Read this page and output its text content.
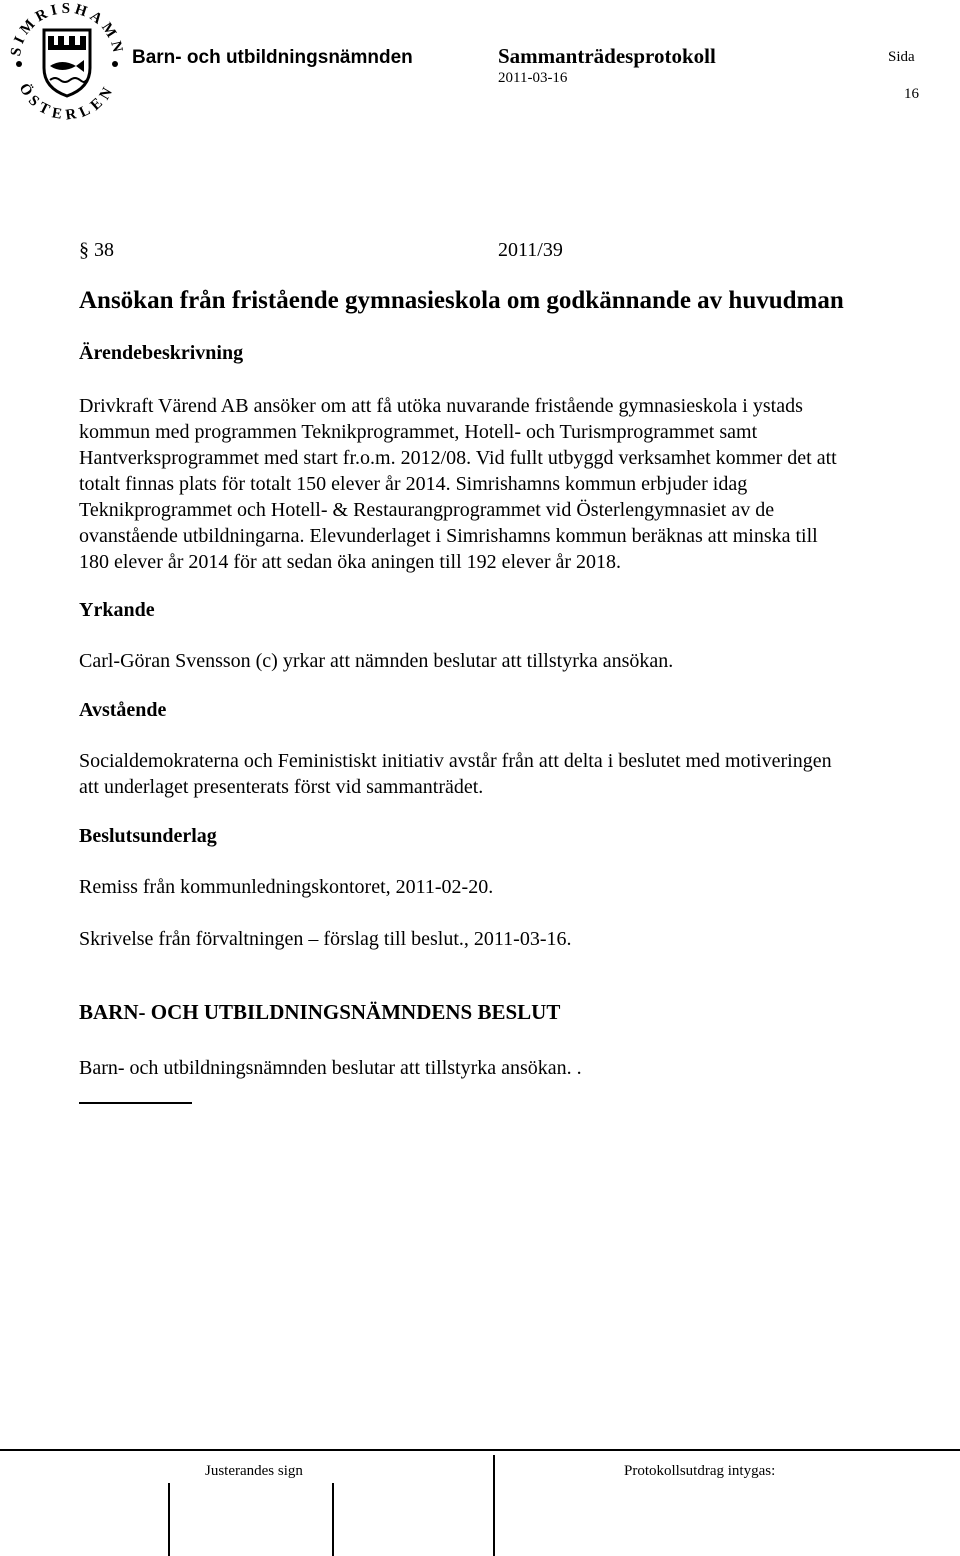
SIMRISHAMN
ÖSTERLEN
Barn- och utbildningsnämnden	Sammanträdesprotokoll
2011-03-16
Sida
16
§ 38	2011/39
Ansökan från fristående gymnasieskola om godkännande av huvudman
Ärendebeskrivning
Drivkraft Värend AB ansöker om att få utöka nuvarande fristående gymnasieskola i ystads
kommun med programmen Teknikprogrammet, Hotell- och Turismprogrammet samt
Hantverksprogrammet med start fr.o.m. 2012/08. Vid fullt utbyggd verksamhet kommer det att
totalt finnas plats för totalt 150 elever år 2014. Simrishamns kommun erbjuder idag
Teknikprogrammet och Hotell- & Restaurangprogrammet vid Österlengymnasiet av de
ovanstående utbildningarna. Elevunderlaget i Simrishamns kommun beräknas att minska till
180 elever år 2014 för att sedan öka aningen till 192 elever år 2018.
Yrkande
Carl-Göran Svensson (c) yrkar att nämnden beslutar att tillstyrka ansökan.
Avstående
Socialdemokraterna och Feministiskt initiativ avstår från att delta i beslutet med motiveringen
att underlaget presenterats först vid sammanträdet.
Beslutsunderlag
Remiss från kommunledningskontoret, 2011-02-20.
Skrivelse från förvaltningen – förslag till beslut., 2011-03-16.
BARN- OCH UTBILDNINGSNÄMNDENS BESLUT
Barn- och utbildningsnämnden beslutar att tillstyrka ansökan. .
Justerandes sign	Protokollsutdrag intygas:
